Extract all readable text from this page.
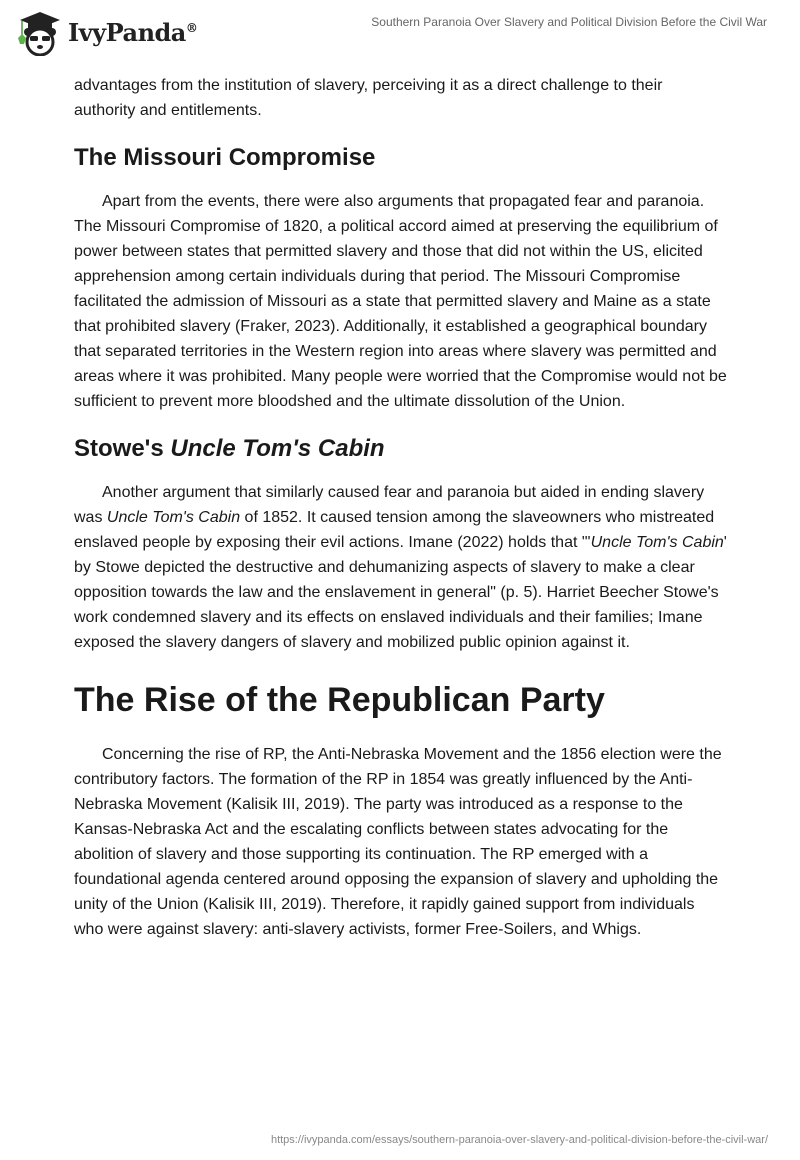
IvyPanda®	Southern Paranoia Over Slavery and Political Division Before the Civil War

advantages from the institution of slavery, perceiving it as a direct challenge to their authority and entitlements.

The Missouri Compromise

Apart from the events, there were also arguments that propagated fear and paranoia. The Missouri Compromise of 1820, a political accord aimed at preserving the equilibrium of power between states that permitted slavery and those that did not within the US, elicited apprehension among certain individuals during that period. The Missouri Compromise facilitated the admission of Missouri as a state that permitted slavery and Maine as a state that prohibited slavery (Fraker, 2023). Additionally, it established a geographical boundary that separated territories in the Western region into areas where slavery was permitted and areas where it was prohibited. Many people were worried that the Compromise would not be sufficient to prevent more bloodshed and the ultimate dissolution of the Union.

Stowe's Uncle Tom's Cabin

Another argument that similarly caused fear and paranoia but aided in ending slavery was Uncle Tom's Cabin of 1852. It caused tension among the slaveowners who mistreated enslaved people by exposing their evil actions. Imane (2022) holds that "'Uncle Tom's Cabin' by Stowe depicted the destructive and dehumanizing aspects of slavery to make a clear opposition towards the law and the enslavement in general" (p. 5). Harriet Beecher Stowe's work condemned slavery and its effects on enslaved individuals and their families; Imane exposed the slavery dangers of slavery and mobilized public opinion against it.

The Rise of the Republican Party

Concerning the rise of RP, the Anti-Nebraska Movement and the 1856 election were the contributory factors. The formation of the RP in 1854 was greatly influenced by the Anti-Nebraska Movement (Kalisik III, 2019). The party was introduced as a response to the Kansas-Nebraska Act and the escalating conflicts between states advocating for the abolition of slavery and those supporting its continuation. The RP emerged with a foundational agenda centered around opposing the expansion of slavery and upholding the unity of the Union (Kalisik III, 2019). Therefore, it rapidly gained support from individuals who were against slavery: anti-slavery activists, former Free-Soilers, and Whigs.

https://ivypanda.com/essays/southern-paranoia-over-slavery-and-political-division-before-the-civil-war/
